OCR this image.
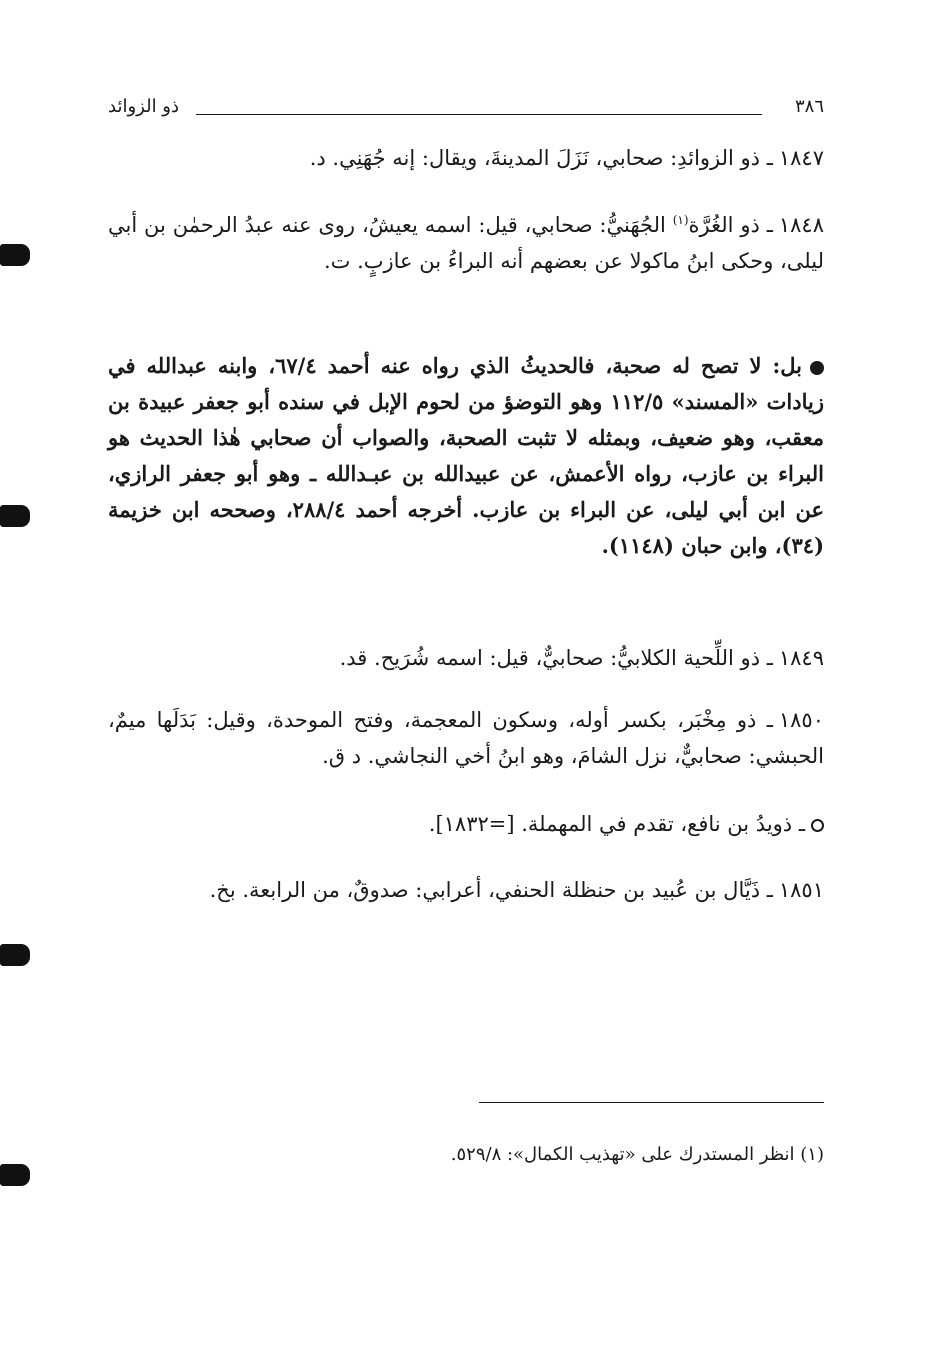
٣٨٦
ذو الزوائد
١٨٤٧ـ ذو الزوائدِ: صحابي، نَزَلَ المدينةَ، ويقال: إنه جُهَنِي. د.
١٨٤٨ـ ذو الغُرَّة$^{(١)}$ الجُهَنيُّ: صحابي، قيل: اسمه يعيشُ، روى عنه عبدُ الرحمٰن بن أبي ليلى، وحكى ابنُ ماكولا عن بعضهم أنه البراءُ بن عازبٍ. ت.
بل: لا تصح له صحبة، فالحديثُ الذي رواه عنه أحمد ٦٧/٤، وابنه عبدالله في زيادات «المسند» ١١٢/٥ وهو التوضؤ من لحوم الإبل في سنده أبو جعفر عبيدة بن معقب، وهو ضعيف، وبمثله لا تثبت الصحبة، والصواب أن صحابي هٰذا الحديث هو البراء بن عازب، رواه الأعمش، عن عبيدالله بن عبـدالله ـ وهو أبو جعفر الرازي، عن ابن أبي ليلى، عن البراء بن عازب. أخرجه أحمد ٢٨٨/٤، وصححه ابن خزيمة (٣٤)، وابن حبان (١١٤٨).
١٨٤٩ـ ذو اللِّحية الكلابيُّ: صحابيٌّ، قيل: اسمه شُرَيح. قد.
١٨٥٠ـ ذو مِخْبَر، بكسر أوله، وسكون المعجمة، وفتح الموحدة، وقيل: بَدَلَها ميمٌ، الحبشي: صحابيٌّ، نزل الشامَ، وهو ابنُ أخي النجاشي. د ق.
ـ ذويدُ بن نافع، تقدم في المهملة. [=١٨٣٢].
١٨٥١ـ ذَيَّال بن عُبيد بن حنظلة الحنفي، أعرابي: صدوقٌ، من الرابعة. بخ.
(١) انظر المستدرك على «تهذيب الكمال»: ٥٢٩/٨.
